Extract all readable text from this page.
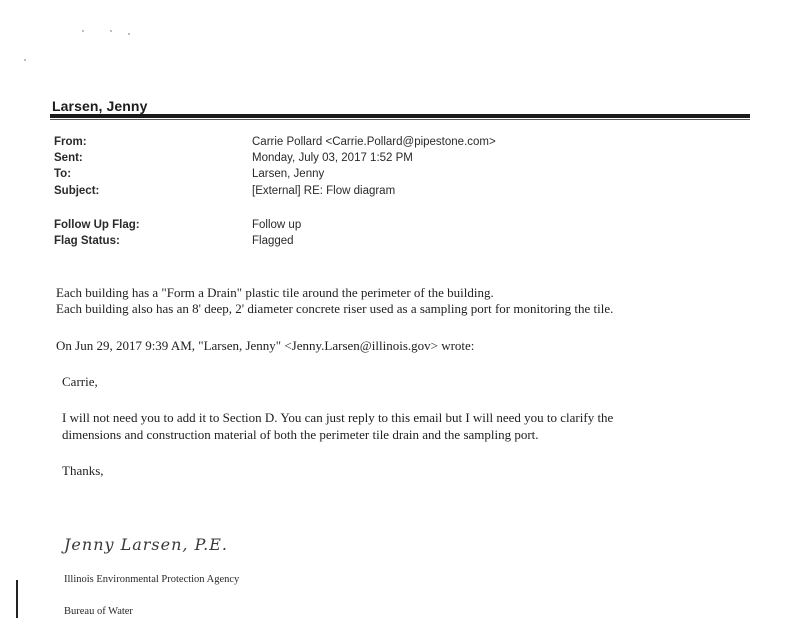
Larsen, Jenny
From:	Carrie Pollard <Carrie.Pollard@pipestone.com>
Sent:	Monday, July 03, 2017 1:52 PM
To:	Larsen, Jenny
Subject:	[External] RE: Flow diagram
Follow Up Flag:	Follow up
Flag Status:	Flagged
Each building has a "Form a Drain" plastic tile around the perimeter of the building.
Each building also has an 8' deep, 2' diameter concrete riser used as a sampling port for monitoring the tile.
On Jun 29, 2017 9:39 AM, "Larsen, Jenny" <Jenny.Larsen@illinois.gov> wrote:
Carrie,
I will not need you to add it to Section D. You can just reply to this email but I will need you to clarify the
dimensions and construction material of both the perimeter tile drain and the sampling port.
Thanks,
Jenny Larsen, P.E.
Illinois Environmental Protection Agency
Bureau of Water
